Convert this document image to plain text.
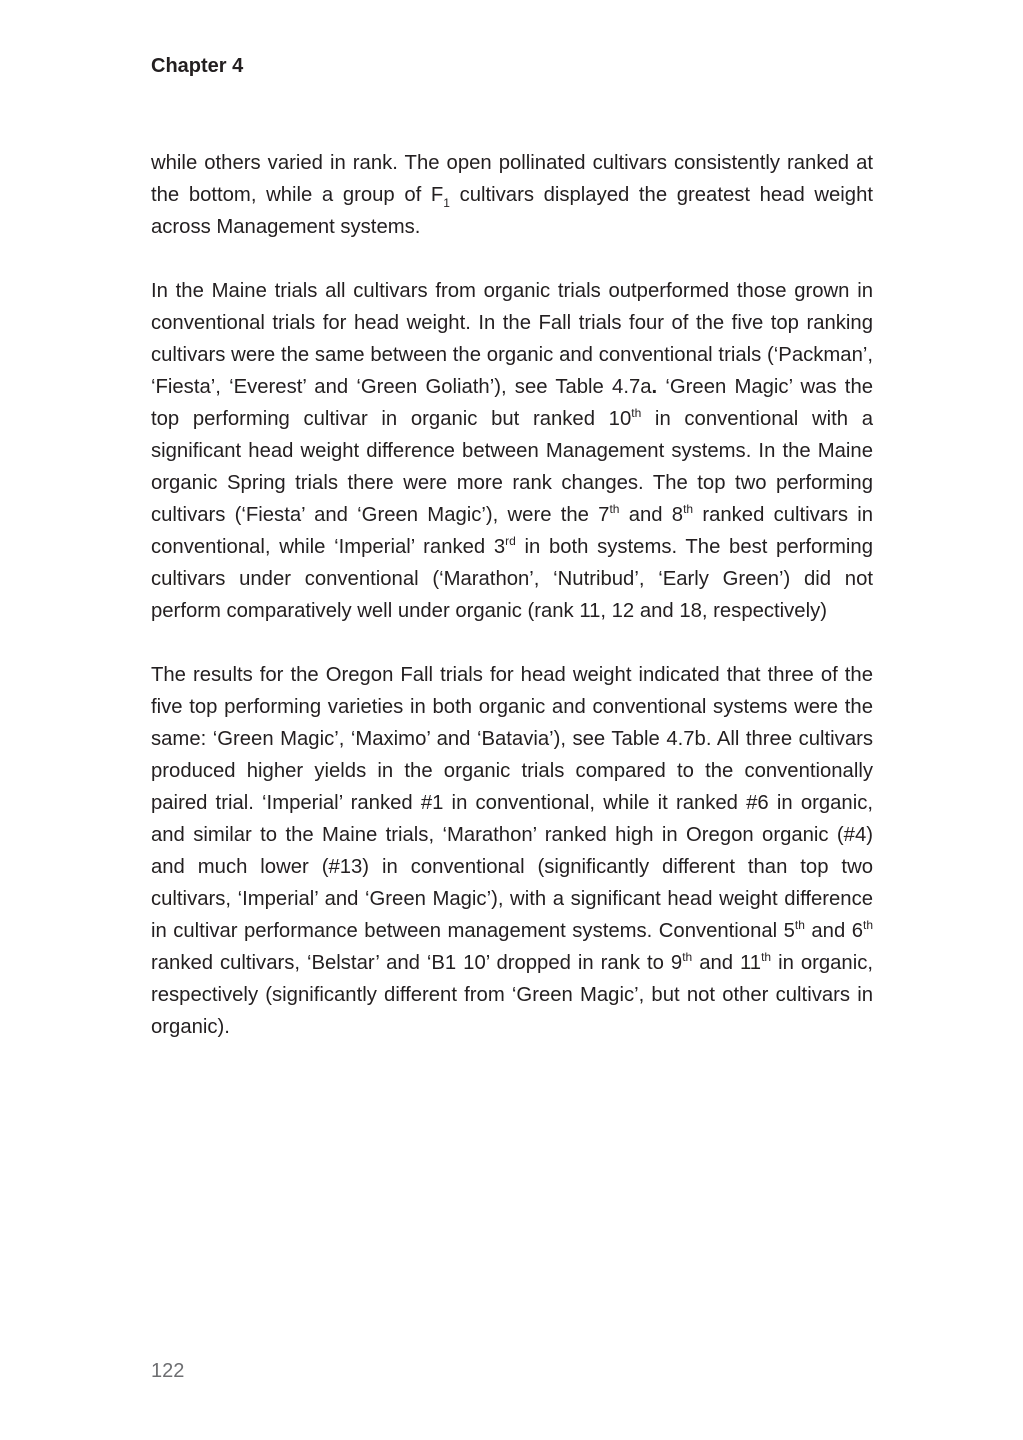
Chapter 4

while others varied in rank. The open pollinated cultivars consistently ranked at the bottom, while a group of $F_1$ cultivars displayed the greatest head weight across Management systems.

In the Maine trials all cultivars from organic trials outperformed those grown in conventional trials for head weight. In the Fall trials four of the five top ranking cultivars were the same between the organic and conventional trials (‘Packman’, ‘Fiesta’, ‘Everest’ and ‘Green Goliath’), see Table 4.7a. ‘Green Magic’ was the top performing cultivar in organic but ranked 10th in conventional with a significant head weight difference between Management systems. In the Maine organic Spring trials there were more rank changes. The top two performing cultivars (‘Fiesta’ and ‘Green Magic’), were the 7th and 8th ranked cultivars in conventional, while ‘Imperial’ ranked 3rd in both systems. The best performing cultivars under conventional (‘Marathon’, ‘Nutribud’, ‘Early Green’) did not perform comparatively well under organic (rank 11, 12 and 18, respectively)

The results for the Oregon Fall trials for head weight indicated that three of the five top performing varieties in both organic and conventional systems were the same: ‘Green Magic’, ‘Maximo’ and ‘Batavia’), see Table 4.7b. All three cultivars produced higher yields in the organic trials compared to the conventionally paired trial. ‘Imperial’ ranked #1 in conventional, while it ranked #6 in organic, and similar to the Maine trials, ‘Marathon’ ranked high in Oregon organic (#4) and much lower (#13) in conventional (significantly different than top two cultivars, ‘Imperial’ and ‘Green Magic’), with a significant head weight difference in cultivar performance between management systems. Conventional 5th and 6th ranked cultivars, ‘Belstar’ and ‘B1 10’ dropped in rank to 9th and 11th in organic, respectively (significantly different from ‘Green Magic’, but not other cultivars in organic).

122
